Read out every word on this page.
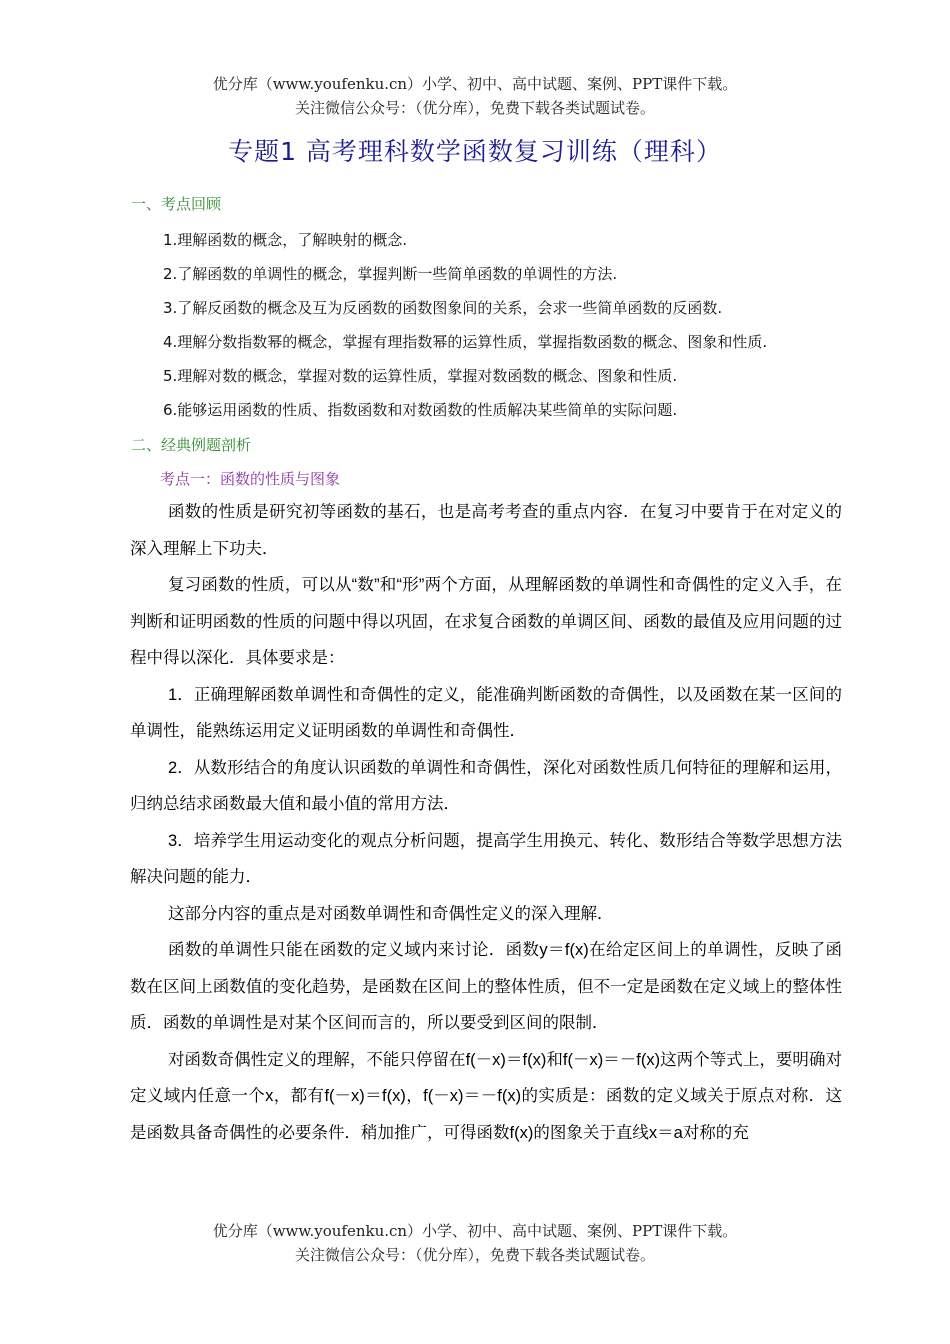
优分库（www.youfenku.cn）小学、初中、高中试题、案例、PPT课件下载。
关注微信公众号：（优分库），免费下载各类试题试卷。
专题1 高考理科数学函数复习训练（理科）
一、考点回顾
1.理解函数的概念，了解映射的概念.
2.了解函数的单调性的概念，掌握判断一些简单函数的单调性的方法.
3.了解反函数的概念及互为反函数的函数图象间的关系，会求一些简单函数的反函数.
4.理解分数指数幂的概念，掌握有理指数幂的运算性质，掌握指数函数的概念、图象和性质.
5.理解对数的概念，掌握对数的运算性质，掌握对数函数的概念、图象和性质.
6.能够运用函数的性质、指数函数和对数函数的性质解决某些简单的实际问题.
二、经典例题剖析
考点一：函数的性质与图象

函数的性质是研究初等函数的基石，也是高考考查的重点内容．在复习中要肯于在对定义的深入理解上下功夫．

复习函数的性质，可以从“数”和“形”两个方面，从理解函数的单调性和奇偶性的定义入手，在判断和证明函数的性质的问题中得以巩固，在求复合函数的单调区间、函数的最值及应用问题的过程中得以深化．具体要求是：

1．正确理解函数单调性和奇偶性的定义，能准确判断函数的奇偶性，以及函数在某一区间的单调性，能熟练运用定义证明函数的单调性和奇偶性．

2．从数形结合的角度认识函数的单调性和奇偶性，深化对函数性质几何特征的理解和运用，归纳总结求函数最大值和最小值的常用方法．

3．培养学生用运动变化的观点分析问题，提高学生用换元、转化、数形结合等数学思想方法解决问题的能力．

这部分内容的重点是对函数单调性和奇偶性定义的深入理解．

函数的单调性只能在函数的定义域内来讨论．函数y＝f(x)在给定区间上的单调性，反映了函数在区间上函数值的变化趋势，是函数在区间上的整体性质，但不一定是函数在定义域上的整体性质．函数的单调性是对某个区间而言的，所以要受到区间的限制．

对函数奇偶性定义的理解，不能只停留在f(－x)＝f(x)和f(－x)＝－f(x)这两个等式上，要明确对定义域内任意一个x，都有f(－x)＝f(x)，f(－x)＝－f(x)的实质是：函数的定义域关于原点对称．这是函数具备奇偶性的必要条件．稍加推广，可得函数f(x)的图象关于直线x＝a对称的充

优分库（www.youfenku.cn）小学、初中、高中试题、案例、PPT课件下载。
关注微信公众号：（优分库），免费下载各类试题试卷。
